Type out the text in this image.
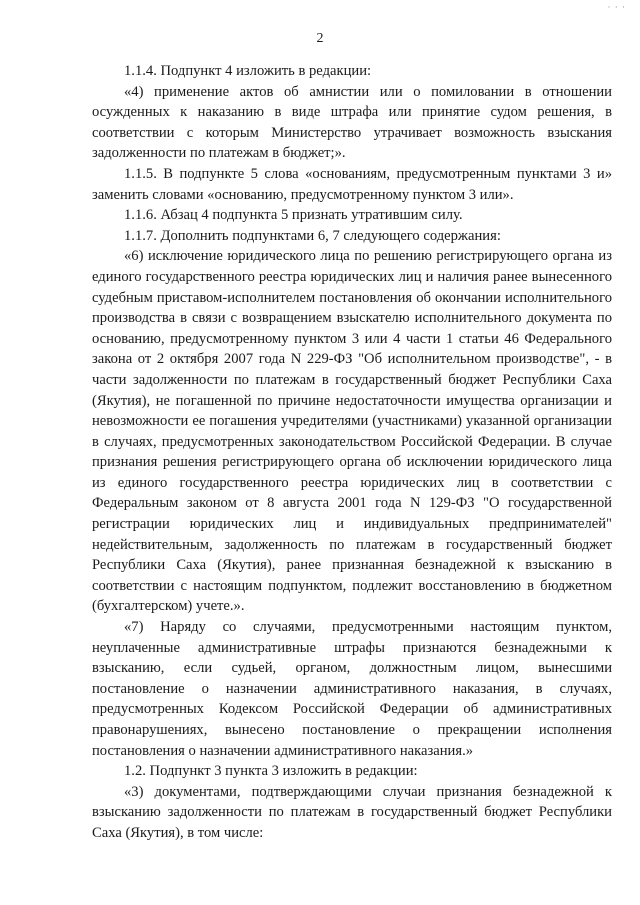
· · ·
2

1.1.4. Подпункт 4 изложить в редакции:

«4) применение актов об амнистии или о помиловании в отношении осужденных к наказанию в виде штрафа или принятие судом решения, в соответствии с которым Министерство утрачивает возможность взыскания задолженности по платежам в бюджет;».

1.1.5. В подпункте 5 слова «основаниям, предусмотренным пунктами 3 и» заменить словами «основанию, предусмотренному пунктом 3 или».

1.1.6. Абзац 4 подпункта 5 признать утратившим силу.

1.1.7. Дополнить подпунктами 6, 7 следующего содержания:

«6) исключение юридического лица по решению регистрирующего органа из единого государственного реестра юридических лиц и наличия ранее вынесенного судебным приставом-исполнителем постановления об окончании исполнительного производства в связи с возвращением взыскателю исполнительного документа по основанию, предусмотренному пунктом 3 или 4 части 1 статьи 46 Федерального закона от 2 октября 2007 года N 229-ФЗ "Об исполнительном производстве", - в части задолженности по платежам в государственный бюджет Республики Саха (Якутия), не погашенной по причине недостаточности имущества организации и невозможности ее погашения учредителями (участниками) указанной организации в случаях, предусмотренных законодательством Российской Федерации. В случае признания решения регистрирующего органа об исключении юридического лица из единого государственного реестра юридических лиц в соответствии с Федеральным законом от 8 августа 2001 года N 129-ФЗ "О государственной регистрации юридических лиц и индивидуальных предпринимателей" недействительным, задолженность по платежам в государственный бюджет Республики Саха (Якутия), ранее признанная безнадежной к взысканию в соответствии с настоящим подпунктом, подлежит восстановлению в бюджетном (бухгалтерском) учете.».

«7) Наряду со случаями, предусмотренными настоящим пунктом, неуплаченные административные штрафы признаются безнадежными к взысканию, если судьей, органом, должностным лицом, вынесшими постановление о назначении административного наказания, в случаях, предусмотренных Кодексом Российской Федерации об административных правонарушениях, вынесено постановление о прекращении исполнения постановления о назначении административного наказания.»

1.2. Подпункт 3 пункта 3 изложить в редакции:

«3) документами, подтверждающими случаи признания безнадежной к взысканию задолженности по платежам в государственный бюджет Республики Саха (Якутия), в том числе:
